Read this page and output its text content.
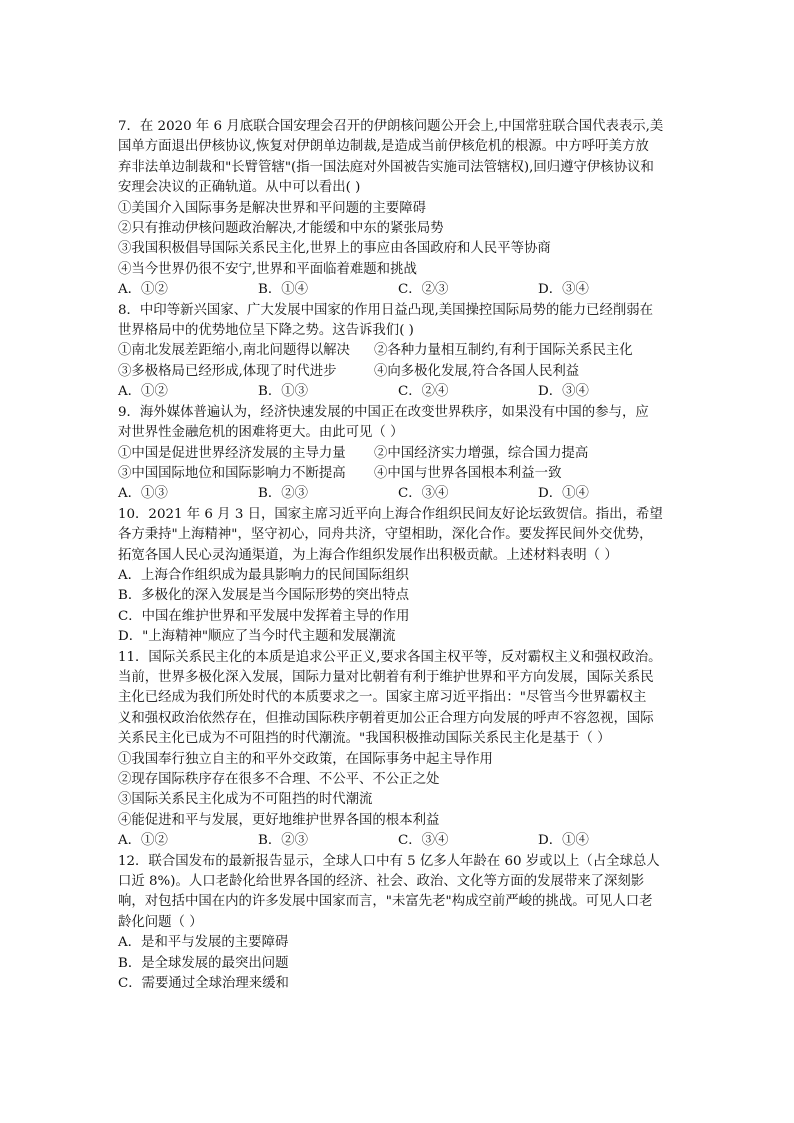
7．在 2020 年 6 月底联合国安理会召开的伊朗核问题公开会上,中国常驻联合国代表表示,美
国单方面退出伊核协议,恢复对伊朗单边制裁,是造成当前伊核危机的根源。中方呼吁美方放
弃非法单边制裁和"长臂管辖"(指一国法庭对外国被告实施司法管辖权),回归遵守伊核协议和
安理会决议的正确轨道。从中可以看出( )
①美国介入国际事务是解决世界和平问题的主要障碍
②只有推动伊核问题政治解决,才能缓和中东的紧张局势
③我国积极倡导国际关系民主化,世界上的事应由各国政府和人民平等协商
④当今世界仍很不安宁,世界和平面临着难题和挑战
A．①②	B．①④	C．②③	D．③④
8．中印等新兴国家、广大发展中国家的作用日益凸现,美国操控国际局势的能力已经削弱在
世界格局中的优势地位呈下降之势。这告诉我们( )
①南北发展差距缩小,南北问题得以解决	②各种力量相互制约,有利于国际关系民主化
③多极格局已经形成,体现了时代进步	④向多极化发展,符合各国人民利益
A．①②	B．①③	C．②④	D．③④
9．海外媒体普遍认为，经济快速发展的中国正在改变世界秩序，如果没有中国的参与，应
对世界性金融危机的困难将更大。由此可见（ ）
①中国是促进世界经济发展的主导力量	②中国经济实力增强，综合国力提高
③中国国际地位和国际影响力不断提高	④中国与世界各国根本利益一致
A．①③	B．②③	C．③④	D．①④
10．2021 年 6 月 3 日，国家主席习近平向上海合作组织民间友好论坛致贺信。指出，希望
各方秉持"上海精神"，坚守初心，同舟共济，守望相助，深化合作。要发挥民间外交优势，
拓宽各国人民心灵沟通渠道，为上海合作组织发展作出积极贡献。上述材料表明（ ）
A．上海合作组织成为最具影响力的民间国际组织
B．多极化的深入发展是当今国际形势的突出特点
C．中国在维护世界和平发展中发挥着主导的作用
D．"上海精神"顺应了当今时代主题和发展潮流
11．国际关系民主化的本质是追求公平正义,要求各国主权平等，反对霸权主义和强权政治。
当前，世界多极化深入发展，国际力量对比朝着有利于维护世界和平方向发展，国际关系民
主化已经成为我们所处时代的本质要求之一。国家主席习近平指出："尽管当今世界霸权主
义和强权政治依然存在，但推动国际秩序朝着更加公正合理方向发展的呼声不容忽视，国际
关系民主化已成为不可阻挡的时代潮流。"我国积极推动国际关系民主化是基于（ ）
①我国奉行独立自主的和平外交政策，在国际事务中起主导作用
②现存国际秩序存在很多不合理、不公平、不公正之处
③国际关系民主化成为不可阻挡的时代潮流
④能促进和平与发展，更好地维护世界各国的根本利益
A．①②	B．②③	C．③④	D．①④
12．联合国发布的最新报告显示，全球人口中有 5 亿多人年龄在 60 岁或以上（占全球总人
口近 8%)。人口老龄化给世界各国的经济、社会、政治、文化等方面的发展带来了深刻影
响，对包括中国在内的许多发展中国家而言，"未富先老"构成空前严峻的挑战。可见人口老
龄化问题（ ）
A．是和平与发展的主要障碍
B．是全球发展的最突出问题
C．需要通过全球治理来缓和
